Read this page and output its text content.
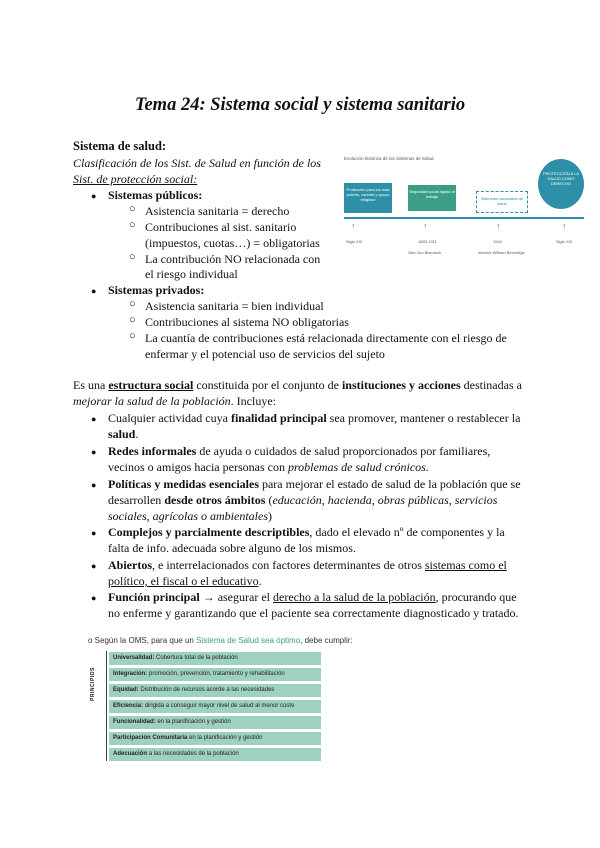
Tema 24: Sistema social y sistema sanitario
Sistema de salud:
Clasificación de los Sist. de Salud en función de los
Sist. de protección social:
● Sistemas públicos:
○ Asistencia sanitaria = derecho
○ Contribuciones al sist. sanitario
(impuestos, cuotas…) = obligatorias
○ La contribución NO relacionada con
el riesgo individual
● Sistemas privados:
○ Asistencia sanitaria = bien individual
○ Contribuciones al sistema NO obligatorias
○ La cuantía de contribuciones está relacionada directamente con el riesgo de
enfermar y el potencial uso de servicios del sujeto
Evolución histórica de los Sistemas de Salud
Protección para los más pobres, caridad y apoyo religioso
Seguridad social ligada al trabajo	Sistemas nacionales de salud
PROTECCIÓN A LA SALUD COMO DERECHO
↑	↑	↑	↑
Siglo XIX	1883-1911	1942	Siglo XXI
Otto Von Bismarck	Informe William Beveridge
Es una estructura social constituida por el conjunto de instituciones y acciones destinadas a
mejorar la salud de la población. Incluye:
● Cualquier actividad cuya finalidad principal sea promover, mantener o restablecer la
salud.
● Redes informales de ayuda o cuidados de salud proporcionados por familiares,
vecinos o amigos hacia personas con problemas de salud crónicos.
● Políticas y medidas esenciales para mejorar el estado de salud de la población que se
desarrollen desde otros ámbitos (educación, hacienda, obras públicas, servicios
sociales, agrícolas o ambientales)
● Complejos y parcialmente descriptibles, dado el elevado nº de componentes y la
falta de info. adecuada sobre alguno de los mismos.
● Abiertos, e interrelacionados con factores determinantes de otros sistemas como el
político, el fiscal o el educativo.
● Función principal → asegurar el derecho a la salud de la población, procurando que
no enferme y garantizando que el paciente sea correctamente diagnosticado y tratado.
o Según la OMS, para que un Sistema de Salud sea óptimo, debe cumplir:
PRINCIPIOS
Universalidad: Cobertura total de la población
Integración: promoción, prevención, tratamiento y rehabilitación
Equidad: Distribución de recursos acorde a las necesidades
Eficiencia: dirigida a conseguir mayor nivel de salud al menor coste
Funcionalidad: en la planificación y gestión
Participación Comunitaria en la planificación y gestión
Adecuación a las necesidades de la población
